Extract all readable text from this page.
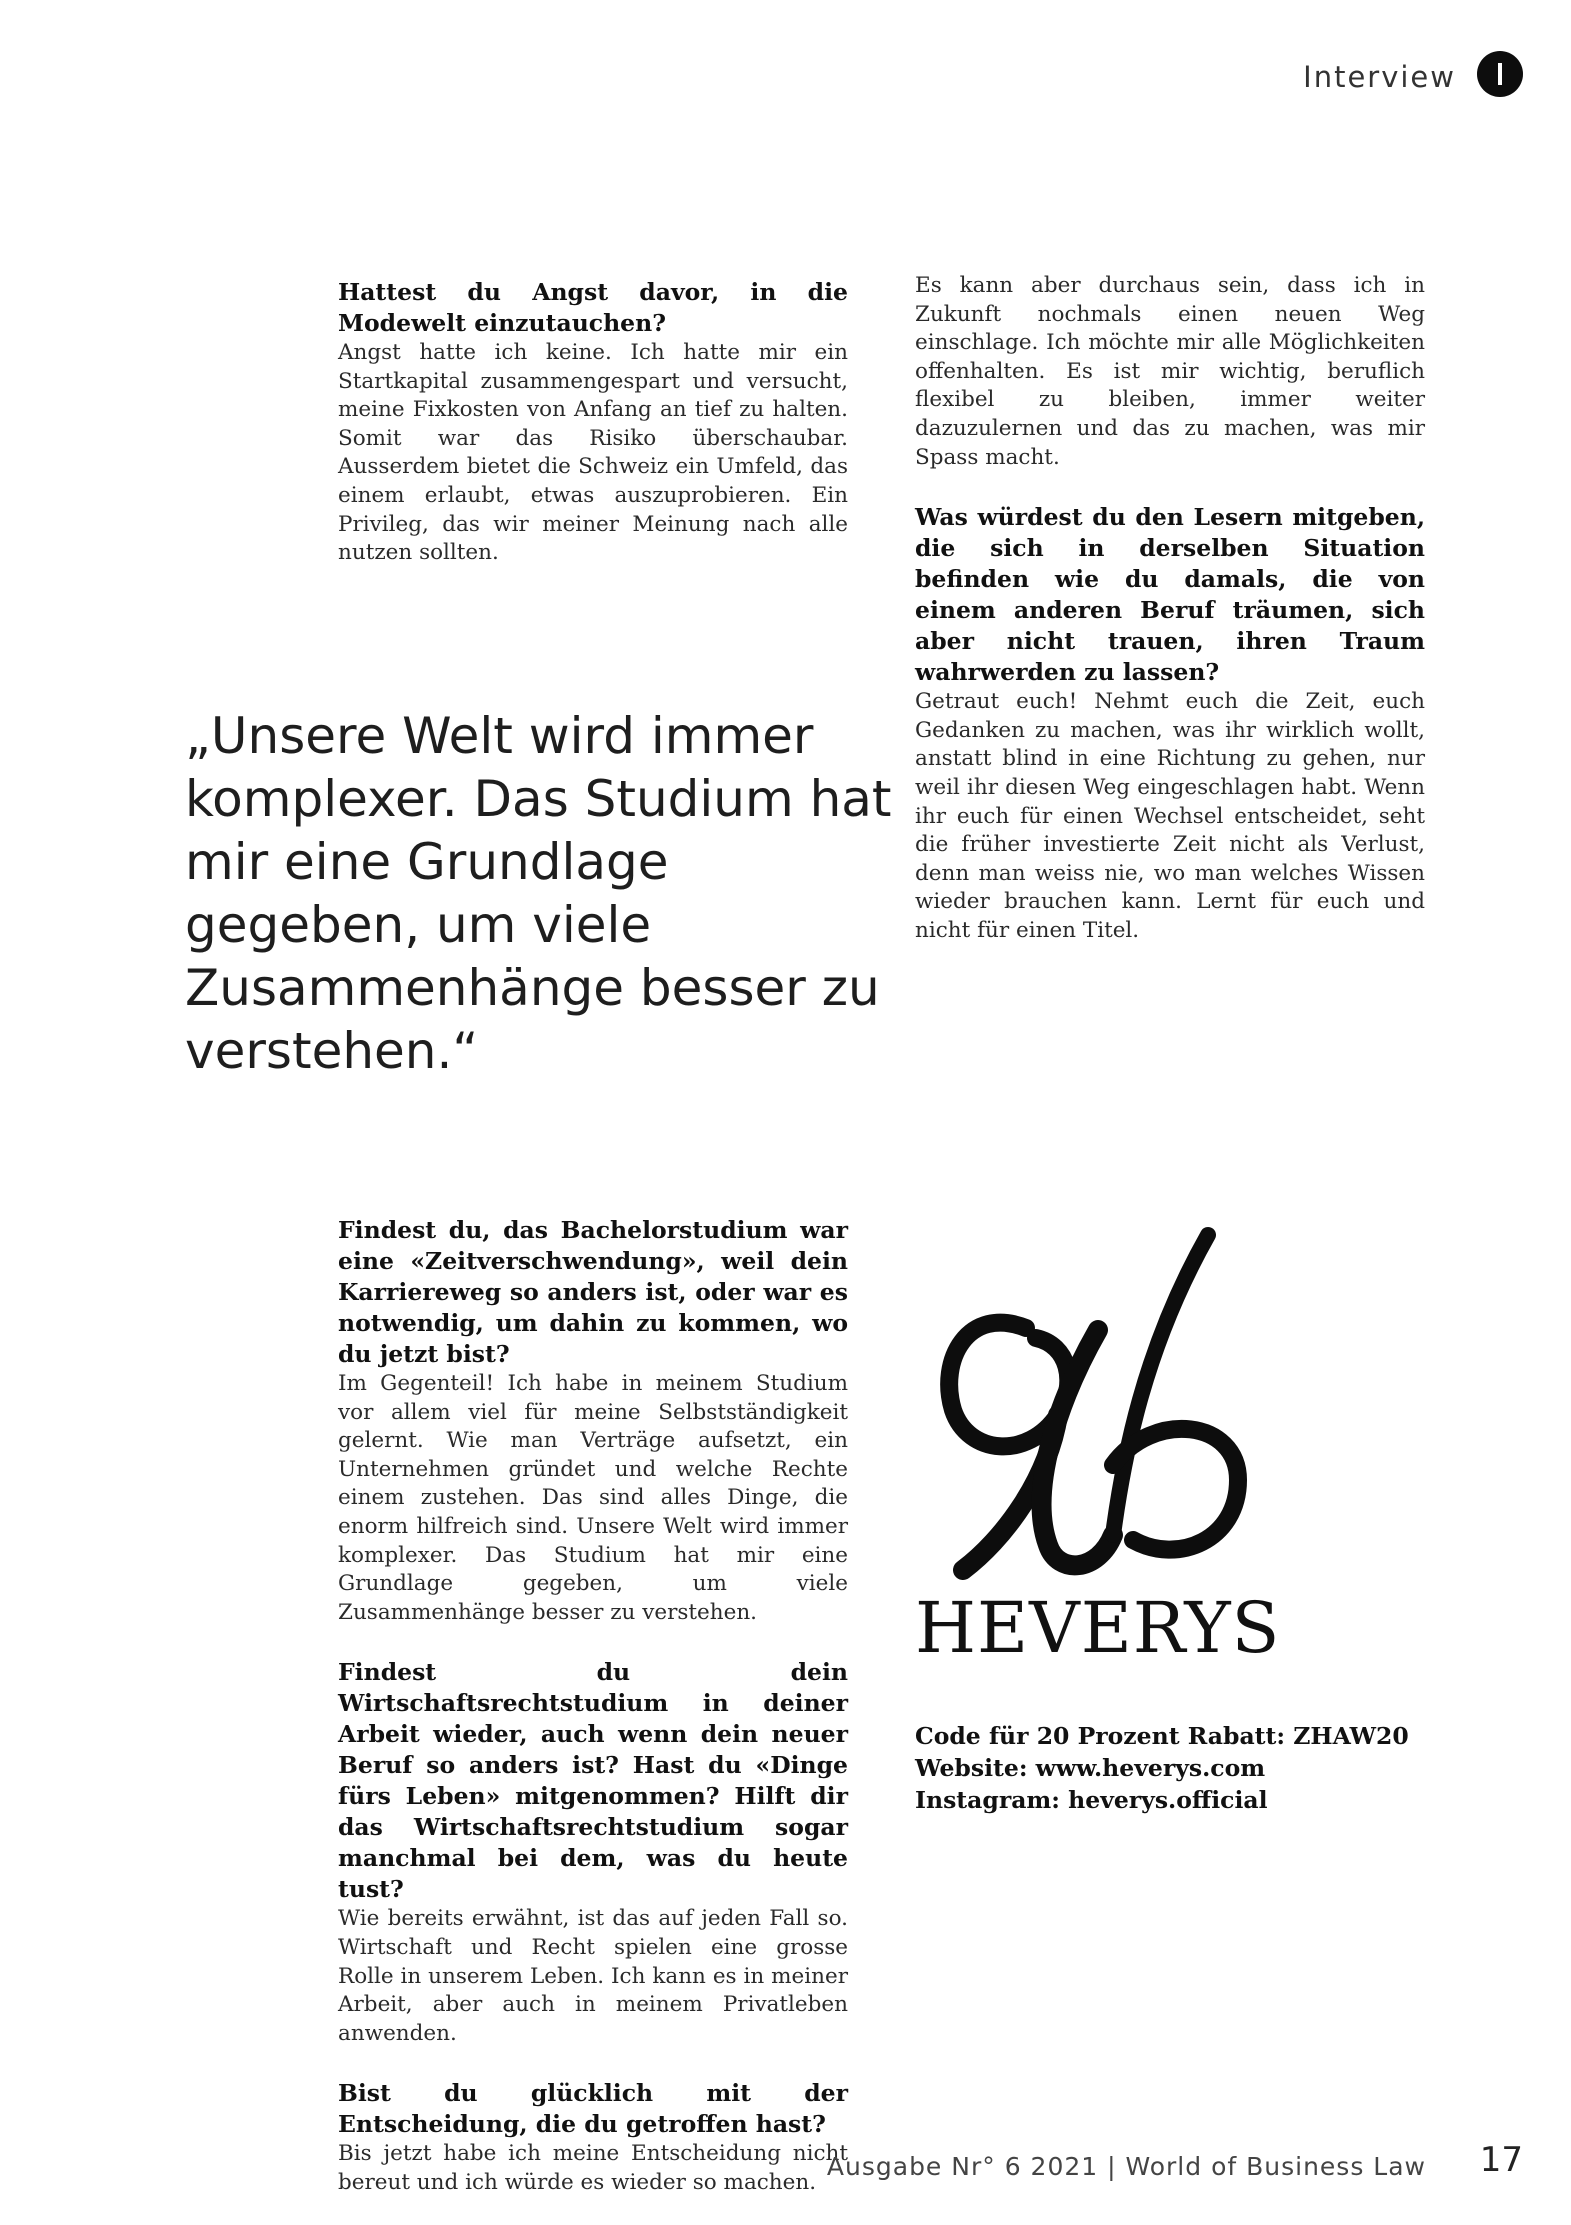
Interview
Hattest du Angst davor, in die Modewelt einzutauchen?
Angst hatte ich keine. Ich hatte mir ein Startkapital zusammengespart und versucht, meine Fixkosten von Anfang an tief zu halten. Somit war das Risiko überschaubar. Ausserdem bietet die Schweiz ein Umfeld, das einem erlaubt, etwas auszuprobieren. Ein Privileg, das wir meiner Meinung nach alle nutzen sollten.
Es kann aber durchaus sein, dass ich in Zukunft nochmals einen neuen Weg einschlage. Ich möchte mir alle Möglichkeiten offenhalten. Es ist mir wichtig, beruflich flexibel zu bleiben, immer weiter dazuzulernen und das zu machen, was mir Spass macht.
Was würdest du den Lesern mitgeben, die sich in derselben Situation befinden wie du damals, die von einem anderen Beruf träumen, sich aber nicht trauen, ihren Traum wahrwerden zu lassen?
Getraut euch! Nehmt euch die Zeit, euch Gedanken zu machen, was ihr wirklich wollt, anstatt blind in eine Richtung zu gehen, nur weil ihr diesen Weg eingeschlagen habt. Wenn ihr euch für einen Wechsel entscheidet, seht die früher investierte Zeit nicht als Verlust, denn man weiss nie, wo man welches Wissen wieder brauchen kann. Lernt für euch und nicht für einen Titel.
„Unsere Welt wird immer komplexer. Das Studium hat mir eine Grundlage gegeben, um viele Zusammenhänge besser zu verstehen.“
Findest du, das Bachelorstudium war eine «Zeitverschwendung», weil dein Karriereweg so anders ist, oder war es notwendig, um dahin zu kommen, wo du jetzt bist?
Im Gegenteil! Ich habe in meinem Studium vor allem viel für meine Selbstständigkeit gelernt. Wie man Verträge aufsetzt, ein Unternehmen gründet und welche Rechte einem zustehen. Das sind alles Dinge, die enorm hilfreich sind. Unsere Welt wird immer komplexer. Das Studium hat mir eine Grundlage gegeben, um viele Zusammenhänge besser zu verstehen.
Findest du dein Wirtschaftsrechtstudium in deiner Arbeit wieder, auch wenn dein neuer Beruf so anders ist? Hast du «Dinge fürs Leben» mitgenommen? Hilft dir das Wirtschaftsrechtstudium sogar manchmal bei dem, was du heute tust?
Wie bereits erwähnt, ist das auf jeden Fall so. Wirtschaft und Recht spielen eine grosse Rolle in unserem Leben. Ich kann es in meiner Arbeit, aber auch in meinem Privatleben anwenden.
Bist du glücklich mit der Entscheidung, die du getroffen hast?
Bis jetzt habe ich meine Entscheidung nicht bereut und ich würde es wieder so machen.
HEVERYS
Code für 20 Prozent Rabatt: ZHAW20
Website: www.heverys.com
Instagram: heverys.official
Ausgabe Nr° 6 2021 | World of Business Law 17
